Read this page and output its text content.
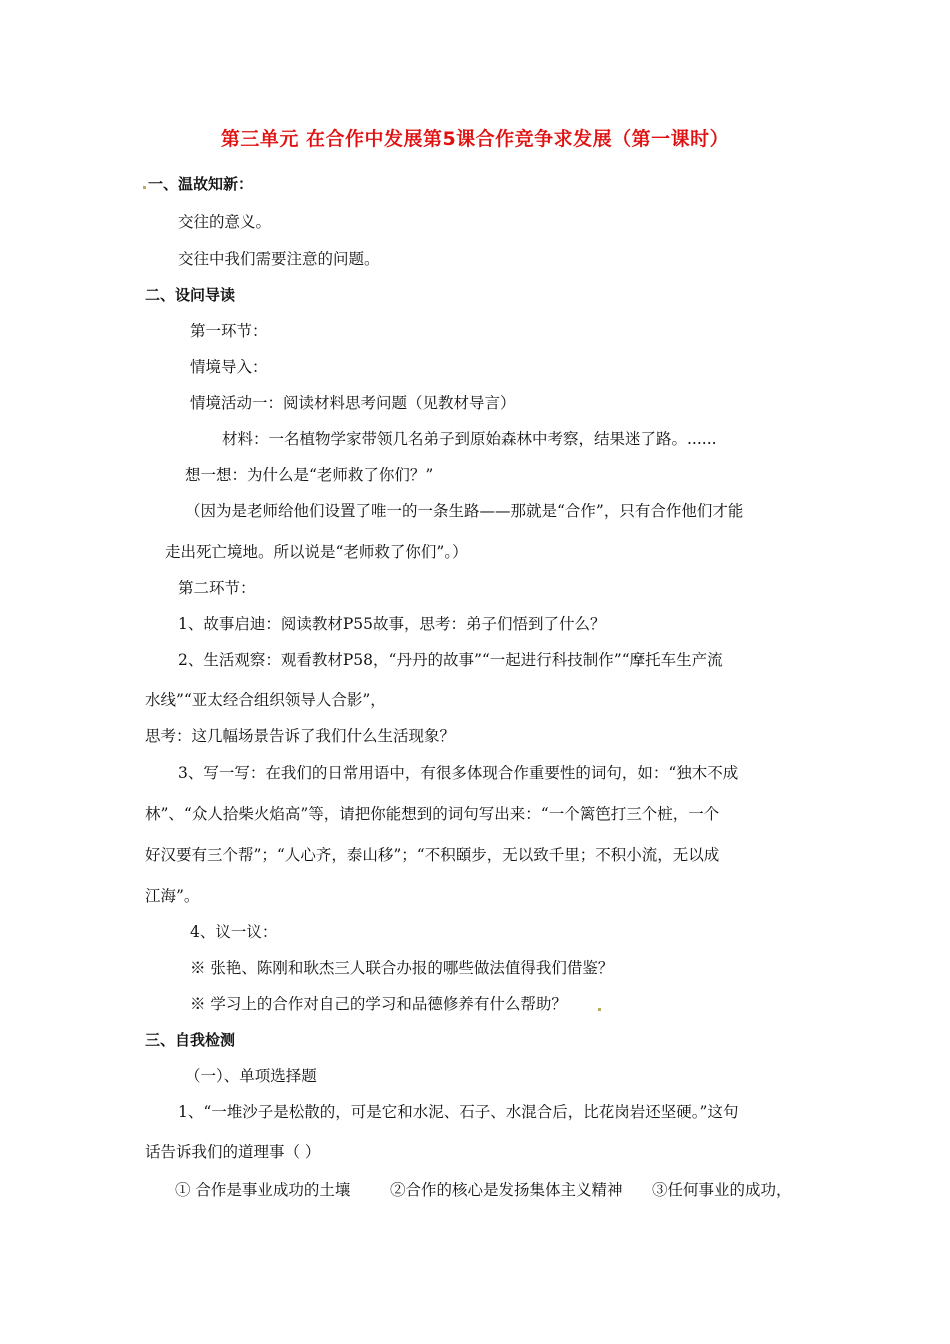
第三单元 在合作中发展第5课合作竞争求发展（第一课时）
一、温故知新：
交往的意义。
交往中我们需要注意的问题。
二、设问导读
第一环节：
情境导入：
情境活动一：阅读材料思考问题（见教材导言）
材料：一名植物学家带领几名弟子到原始森林中考察，结果迷了路。......
想一想：为什么是“老师救了你们？”
（因为是老师给他们设置了唯一的一条生路——那就是“合作”，只有合作他们才能
走出死亡境地。所以说是“老师救了你们”。）
第二环节：
1、故事启迪：阅读教材P55故事，思考：弟子们悟到了什么？
2、生活观察：观看教材P58，“丹丹的故事”“一起进行科技制作”“摩托车生产流
水线”“亚太经合组织领导人合影”，
思考：这几幅场景告诉了我们什么生活现象？
3、写一写：在我们的日常用语中，有很多体现合作重要性的词句，如：“独木不成
林”、“众人拾柴火焰高”等，请把你能想到的词句写出来：“一个篱笆打三个桩，一个
好汉要有三个帮”；“人心齐，泰山移”；“不积頣步，无以致千里；不积小流，无以成
江海”。
4、议一议：
※ 张艳、陈刚和耿杰三人联合办报的哪些做法值得我们借鉴？
※ 学习上的合作对自己的学习和品德修养有什么帮助？
三、自我检测
（一）、单项选择题
1、“一堆沙子是松散的，可是它和水泥、石子、水混合后，比花岗岩还坚硬。”这句
话告诉我们的道理事（ ）
① 合作是事业成功的土壤	②合作的核心是发扬集体主义精神 ③任何事业的成功，
